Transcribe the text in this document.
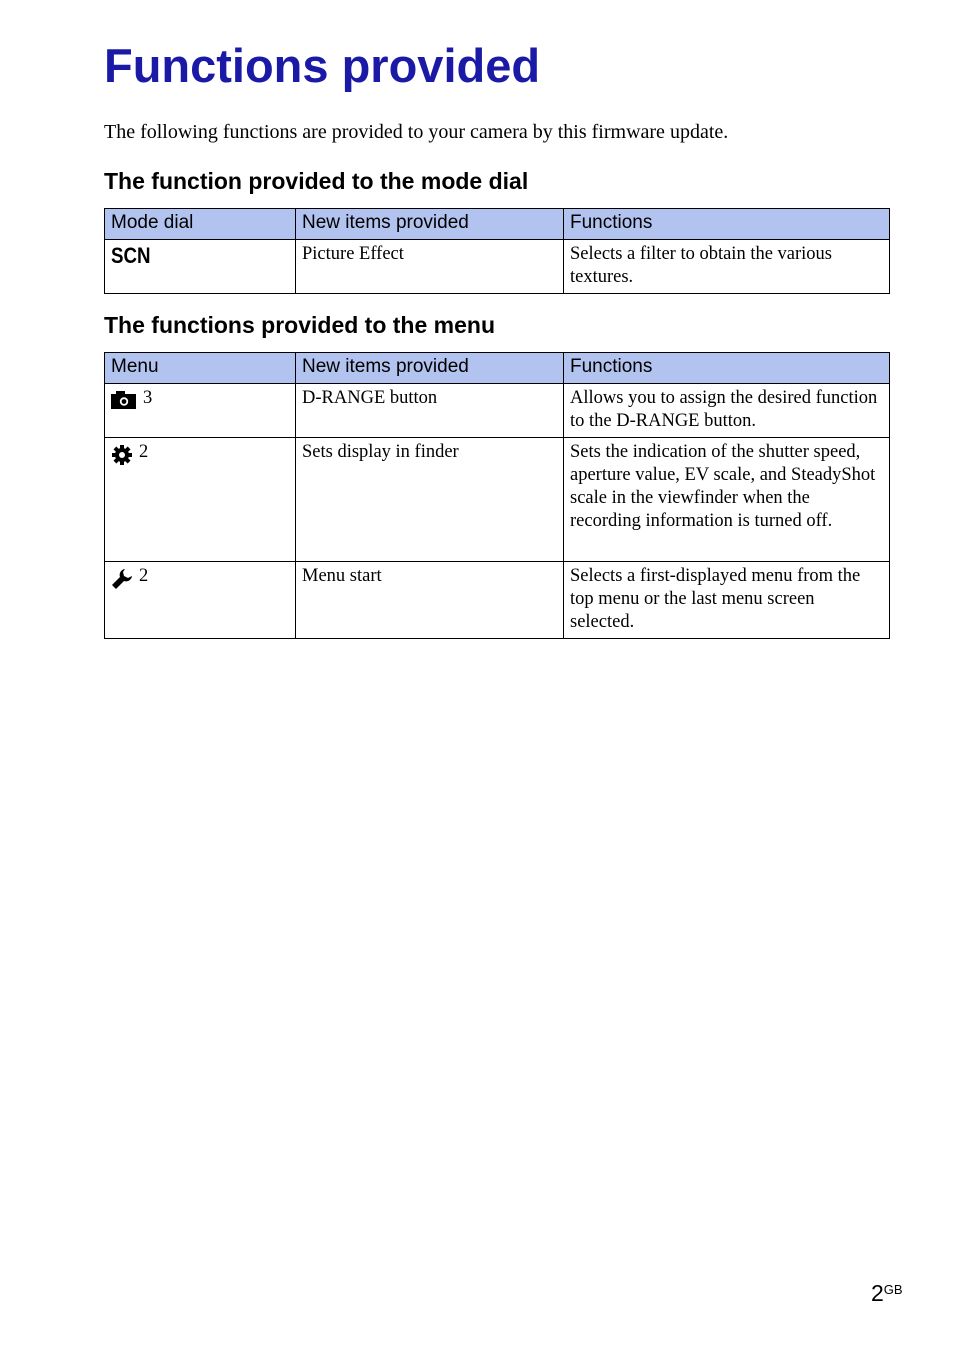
Functions provided

The following functions are provided to your camera by this firmware update.

The function provided to the mode dial
Mode dial	New items provided	Functions
SCN	Picture Effect	Selects a filter to obtain the various textures.
The functions provided to the menu
Menu	New items provided	Functions
3	D-RANGE button	Allows you to assign the desired function to the D-RANGE button.
2	Sets display in finder	Sets the indication of the shutter speed, aperture value, EV scale, and SteadyShot scale in the viewfinder when the recording information is turned off.
2	Menu start	Selects a first-displayed menu from the top menu or the last menu screen selected.
$2^{GB}$
